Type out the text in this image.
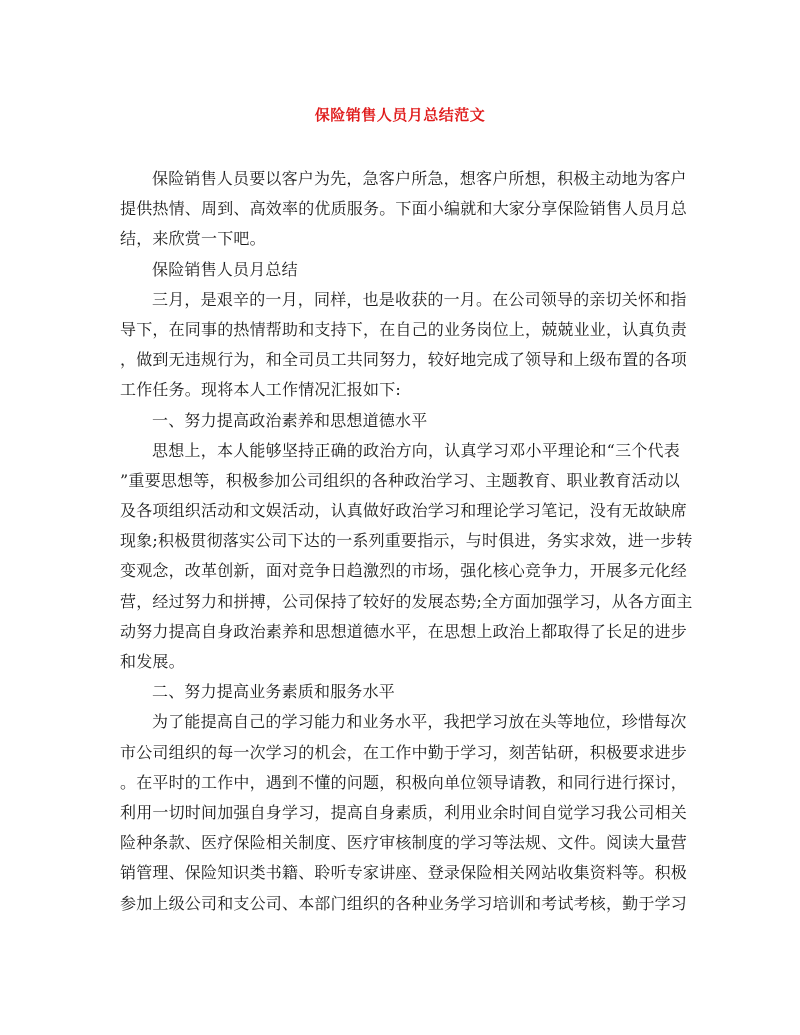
保险销售人员月总结范文
保险销售人员要以客户为先，急客户所急，想客户所想，积极主动地为客户
提供热情、周到、高效率的优质服务。下面小编就和大家分享保险销售人员月总
结，来欣赏一下吧。
保险销售人员月总结
三月，是艰辛的一月，同样，也是收获的一月。在公司领导的亲切关怀和指
导下，在同事的热情帮助和支持下，在自己的业务岗位上，兢兢业业，认真负责
，做到无违规行为，和全司员工共同努力，较好地完成了领导和上级布置的各项
工作任务。现将本人工作情况汇报如下:
一、努力提高政治素养和思想道德水平
思想上，本人能够坚持正确的政治方向，认真学习邓小平理论和“三个代表
”重要思想等，积极参加公司组织的各种政治学习、主题教育、职业教育活动以
及各项组织活动和文娱活动，认真做好政治学习和理论学习笔记，没有无故缺席
现象;积极贯彻落实公司下达的一系列重要指示，与时俱进，务实求效，进一步转
变观念，改革创新，面对竞争日趋激烈的市场，强化核心竞争力，开展多元化经
营，经过努力和拼搏，公司保持了较好的发展态势;全方面加强学习，从各方面主
动努力提高自身政治素养和思想道德水平，在思想上政治上都取得了长足的进步
和发展。
二、努力提高业务素质和服务水平
为了能提高自己的学习能力和业务水平，我把学习放在头等地位，珍惜每次
市公司组织的每一次学习的机会，在工作中勤于学习，刻苦钻研，积极要求进步
。在平时的工作中，遇到不懂的问题，积极向单位领导请教，和同行进行探讨，
利用一切时间加强自身学习，提高自身素质，利用业余时间自觉学习我公司相关
险种条款、医疗保险相关制度、医疗审核制度的学习等法规、文件。阅读大量营
销管理、保险知识类书籍、聆听专家讲座、登录保险相关网站收集资料等。积极
参加上级公司和支公司、本部门组织的各种业务学习培训和考试考核，勤于学习
